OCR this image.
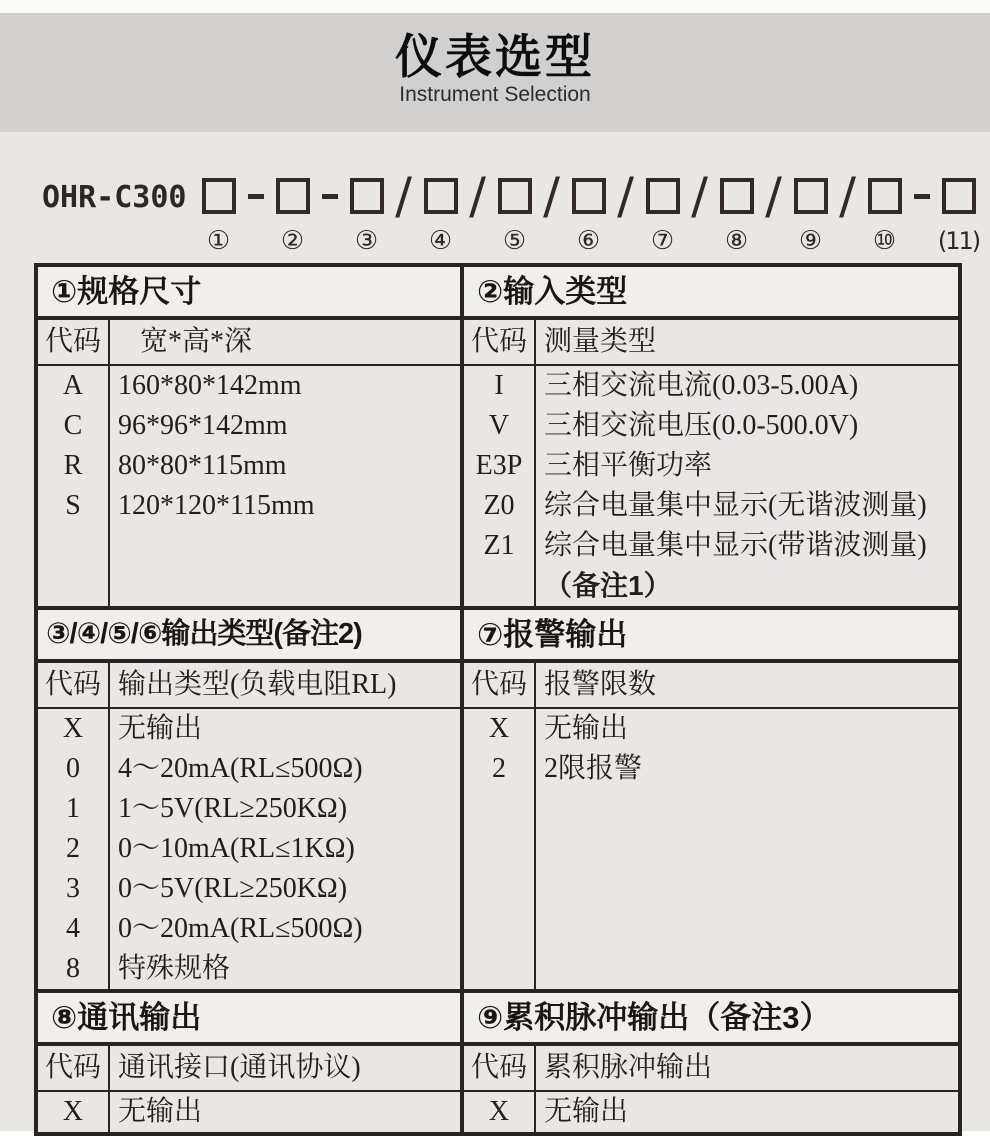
仪表选型
Instrument Selection
OHR-C300
① ② ③
/
④
/
⑤
/
⑥
/
⑦
/
⑧
/
⑨
/
⑩ (11)
①规格尺寸
代码
A
C
R
S
宽*高*深
160*80*142mm
96*96*142mm
80*80*115mm
120*120*115mm
②输入类型
代码
I
V
E3P
Z0
Z1
测量类型
三相交流电流(0.03-5.00A)
三相交流电压(0.0-500.0V)
三相平衡功率
综合电量集中显示(无谐波测量)
综合电量集中显示(带谐波测量)
（备注1）
③/④/⑤/⑥输出类型(备注2)
代码
X
0
1
2
3
4
8
输出类型(负载电阻RL)
无输出
4～20mA(RL≤500Ω)
1～5V(RL≥250KΩ)
0～10mA(RL≤1KΩ)
0～5V(RL≥250KΩ)
0～20mA(RL≤500Ω)
特殊规格
⑦报警输出
代码
X
2
报警限数
无输出
2限报警
⑧通讯输出
代码
X
通讯接口(通讯协议)
无输出
⑨累积脉冲输出（备注3）
代码
X
累积脉冲输出
无输出
